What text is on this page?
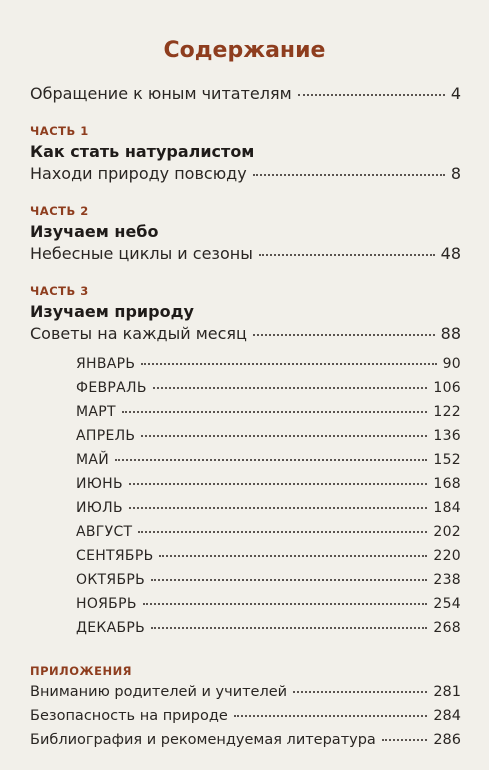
Содержание
Обращение к юным читателям	4
ЧАСТЬ 1
Как стать натуралистом
Находи природу повсюду	8
ЧАСТЬ 2
Изучаем небо
Небесные циклы и сезоны	48
ЧАСТЬ 3
Изучаем природу
Советы на каждый месяц	88
ЯНВАРЬ	90
ФЕВРАЛЬ	106
МАРТ	122
АПРЕЛЬ	136
МАЙ	152
ИЮНЬ	168
ИЮЛЬ	184
АВГУСТ	202
СЕНТЯБРЬ	220
ОКТЯБРЬ	238
НОЯБРЬ	254
ДЕКАБРЬ	268
ПРИЛОЖЕНИЯ
Вниманию родителей и учителей	281
Безопасность на природе	284
Библиография и рекомендуемая литература	286
